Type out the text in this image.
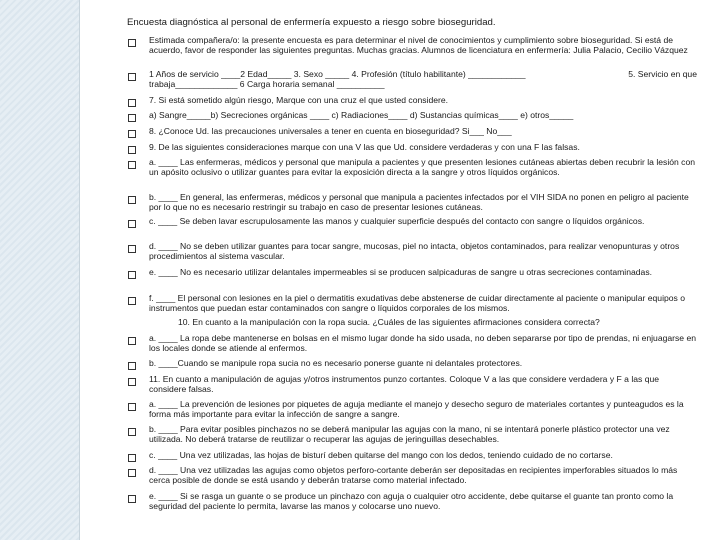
Encuesta diagnóstica al personal de enfermería expuesto a riesgo sobre bioseguridad.
Estimada compañera/o: la presente encuesta es para determinar el nivel de conocimientos y cumplimiento sobre bioseguridad. Si está de acuerdo, favor de responder las siguientes preguntas. Muchas gracias. Alumnos de licenciatura en enfermería: Julia Palacio, Cecilio Vázquez
1 Años de servicio ____2 Edad_____ 3. Sexo _____ 4. Profesión (título habilitante) ____________	5. Servicio en que
trabaja_____________ 6 Carga horaria semanal __________
7. Si está sometido algún riesgo, Marque con una cruz el que usted considere.
a) Sangre_____b) Secreciones orgánicas ____ c) Radiaciones____ d) Sustancias químicas____ e) otros_____
8. ¿Conoce Ud. las precauciones universales a tener en cuenta en bioseguridad? Si___ No___
9. De las siguientes consideraciones marque con una V las que Ud. considere verdaderas y con una F las falsas.
a. ____ Las enfermeras, médicos y personal que manipula a pacientes y que presenten lesiones cutáneas abiertas deben recubrir la lesión con un apósito oclusivo o utilizar guantes para evitar la exposición directa a la sangre y otros líquidos orgánicos.
b. ____ En general, las enfermeras, médicos y personal que manipula a pacientes infectados por el VIH SIDA no ponen en peligro al paciente por lo que no es necesario restringir su trabajo en caso de presentar lesiones cutáneas.
c. ____ Se deben lavar escrupulosamente las manos y cualquier superficie después del contacto con sangre o líquidos orgánicos.
d. ____ No se deben utilizar guantes para tocar sangre, mucosas, piel no intacta, objetos contaminados, para realizar venopunturas y otros procedimientos al sistema vascular.
e. ____ No es necesario utilizar delantales impermeables si se producen salpicaduras de sangre u otras secreciones contaminadas.
f. ____ El personal con lesiones en la piel o dermatitis exudativas debe abstenerse de cuidar directamente al paciente o manipular equipos o instrumentos que puedan estar contaminados con sangre o líquidos corporales de los mismos.
10. En cuanto a la manipulación con la ropa sucia. ¿Cuáles de las siguientes afirmaciones considera correcta?
a. ____ La ropa debe mantenerse en bolsas en el mismo lugar donde ha sido usada, no deben separarse por tipo de prendas, ni enjuagarse en los locales donde se atiende al enfermos.
b. ____Cuando se manipule ropa sucia no es necesario ponerse guante ni delantales protectores.
11. En cuanto a manipulación de agujas y/otros instrumentos punzo cortantes. Coloque V a las que considere verdadera y F a las que considere falsas.
a. ____ La prevención de lesiones por piquetes de aguja mediante el manejo y desecho seguro de materiales cortantes y punteagudos es la forma más importante para evitar la infección de sangre a sangre.
b. ____ Para evitar posibles pinchazos no se deberá manipular las agujas con la mano, ni se intentará ponerle plástico protector una vez utilizada. No deberá tratarse de reutilizar o recuperar las agujas de jeringuillas desechables.
c. ____ Una vez utilizadas, las hojas de bisturí deben quitarse del mango con los dedos, teniendo cuidado de no cortarse.
d. ____ Una vez utilizadas las agujas como objetos perforo-cortante deberán ser depositadas en recipientes imperforables situados lo más cerca posible de donde se está usando y deberán tratarse como material infectado.
e. ____ Si se rasga un guante o se produce un pinchazo con aguja o cualquier otro accidente, debe quitarse el guante tan pronto como la seguridad del paciente lo permita, lavarse las manos y colocarse uno nuevo.
